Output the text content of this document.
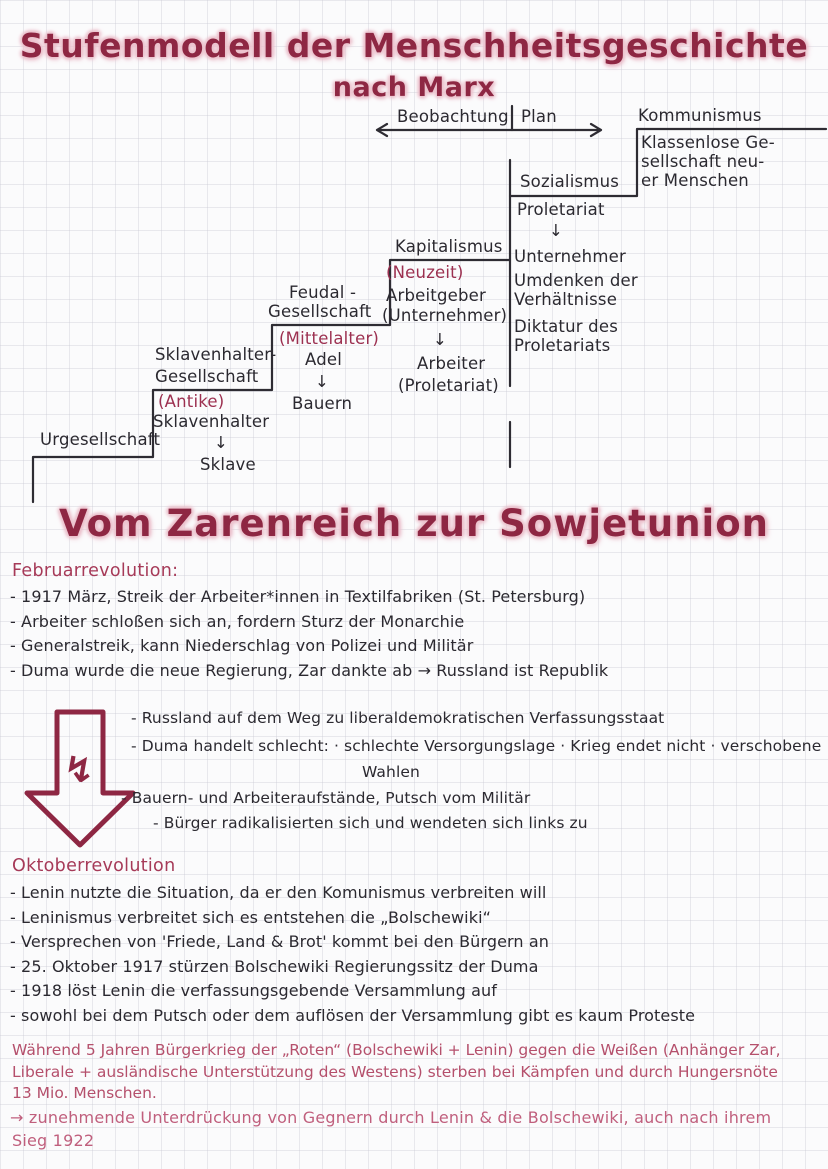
Stufenmodell der Menschheitsgeschichte
nach Marx
Beobachtung Plan	Kommunismus
Klassenlose Ge-
sellschaft neu-
er Menschen
Sozialismus
Proletariat
↓
Unternehmer
Umdenken der
Verhältnisse
Diktatur des
Proletariats
Kapitalismus
(Neuzeit)
Arbeitgeber
(Unternehmer)
↓
Arbeiter
(Proletariat)
Feudal -
Gesellschaft
(Mittelalter)
Adel
↓
Bauern
Sklavenhalter-
Gesellschaft
(Antike)
Sklavenhalter
↓
Sklave
Urgesellschaft
Vom Zarenreich zur Sowjetunion
Februarrevolution:
- 1917 März, Streik der Arbeiter*innen in Textilfabriken (St. Petersburg)
- Arbeiter schloßen sich an, fordern Sturz der Monarchie
- Generalstreik, kann Niederschlag von Polizei und Militär
- Duma wurde die neue Regierung, Zar dankte ab → Russland ist Republik
↯
- Russland auf dem Weg zu liberaldemokratischen Verfassungsstaat
- Duma handelt schlecht: · schlechte Versorgungslage · Krieg endet nicht · verschobene
Wahlen
- Bauern- und Arbeiteraufstände, Putsch vom Militär
- Bürger radikalisierten sich und wendeten sich links zu
Oktoberrevolution
- Lenin nutzte die Situation, da er den Komunismus verbreiten will
- Leninismus verbreitet sich es entstehen die „Bolschewiki“
- Versprechen von 'Friede, Land & Brot' kommt bei den Bürgern an
- 25. Oktober 1917 stürzen Bolschewiki Regierungssitz der Duma
- 1918 löst Lenin die verfassungsgebende Versammlung auf
- sowohl bei dem Putsch oder dem auflösen der Versammlung gibt es kaum Proteste
Während 5 Jahren Bürgerkrieg der „Roten“ (Bolschewiki + Lenin) gegen die Weißen (Anhänger Zar,
Liberale + ausländische Unterstützung des Westens) sterben bei Kämpfen und durch Hungersnöte
13 Mio. Menschen.
→ zunehmende Unterdrückung von Gegnern durch Lenin & die Bolschewiki, auch nach ihrem
Sieg 1922
